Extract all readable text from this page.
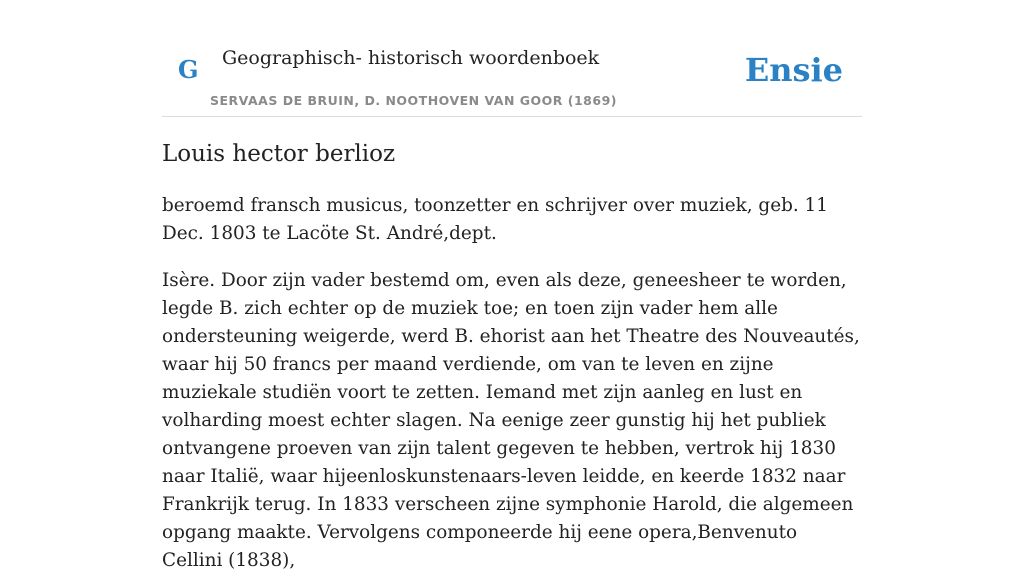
G Geographisch- historisch woordenboek
SERVAAS DE BRUIN, D. NOOTHOVEN VAN GOOR (1869)
Ensie
Louis hector berlioz

beroemd fransch musicus, toonzetter en schrijver over muziek, geb. 11 Dec. 1803 te Lacöte St. André,dept.

Isère. Door zijn vader bestemd om, even als deze, geneesheer te worden, legde B. zich echter op de muziek toe; en toen zijn vader hem alle ondersteuning weigerde, werd B. ehorist aan het Theatre des Nouveautés, waar hij 50 francs per maand verdiende, om van te leven en zijne muziekale studiën voort te zetten. Iemand met zijn aanleg en lust en volharding moest echter slagen. Na eenige zeer gunstig hij het publiek ontvangene proeven van zijn talent gegeven te hebben, vertrok hij 1830 naar Italië, waar hijeenloskunstenaars-leven leidde, en keerde 1832 naar Frankrijk terug. In 1833 verscheen zijne symphonie Harold, die algemeen opgang maakte. Vervolgens componeerde hij eene opera,Benvenuto Cellini (1838),
